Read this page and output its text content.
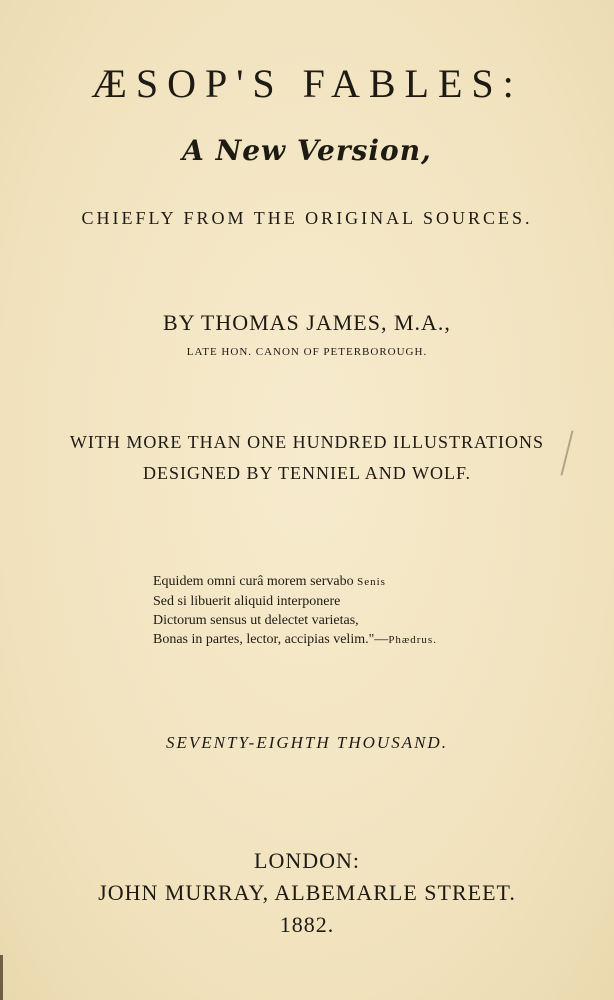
ÆSOP'S FABLES:
A New Version,
CHIEFLY FROM THE ORIGINAL SOURCES.
BY THOMAS JAMES, M.A.,
LATE HON. CANON OF PETERBOROUGH.
WITH MORE THAN ONE HUNDRED ILLUSTRATIONS
DESIGNED BY TENNIEL AND WOLF.
Equidem omni curâ morem servabo Senis
Sed si libuerit aliquid interponere
Dictorum sensus ut delectet varietas,
Bonas in partes, lector, accipias velim."—Phædrus.
SEVENTY-EIGHTH THOUSAND.
LONDON:
JOHN MURRAY, ALBEMARLE STREET.
1882.
